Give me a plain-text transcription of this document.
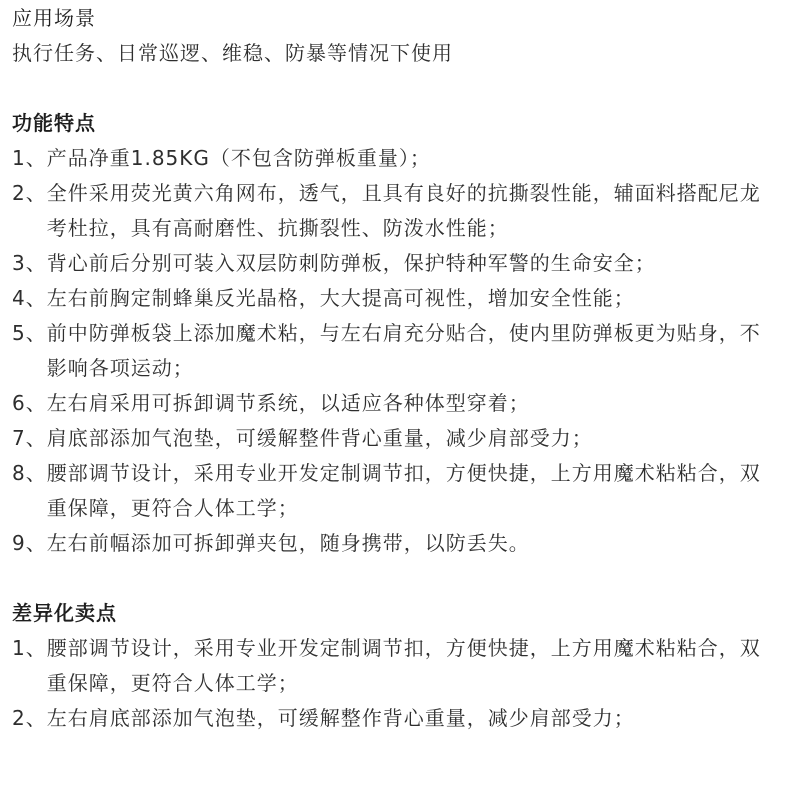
应用场景
执行任务、日常巡逻、维稳、防暴等情况下使用
功能特点
1、 产品净重1.85KG（不包含防弹板重量）；
2、 全件采用荧光黄六角网布，透气，且具有良好的抗撕裂性能，辅面料搭配尼龙
考杜拉，具有高耐磨性、抗撕裂性、防泼水性能；
3、 背心前后分别可装入双层防刺防弹板，保护特种军警的生命安全；
4、 左右前胸定制蜂巢反光晶格，大大提高可视性，增加安全性能；
5、 前中防弹板袋上添加魔术粘，与左右肩充分贴合，使内里防弹板更为贴身，不
影响各项运动；
6、 左右肩采用可拆卸调节系统，以适应各种体型穿着；
7、 肩底部添加气泡垫，可缓解整件背心重量，减少肩部受力；
8、 腰部调节设计，采用专业开发定制调节扣，方便快捷，上方用魔术粘粘合，双
重保障，更符合人体工学；
9、 左右前幅添加可拆卸弹夹包，随身携带，以防丢失。
差异化卖点
1、 腰部调节设计，采用专业开发定制调节扣，方便快捷，上方用魔术粘粘合，双
重保障，更符合人体工学；
2、 左右肩底部添加气泡垫，可缓解整作背心重量，减少肩部受力；
